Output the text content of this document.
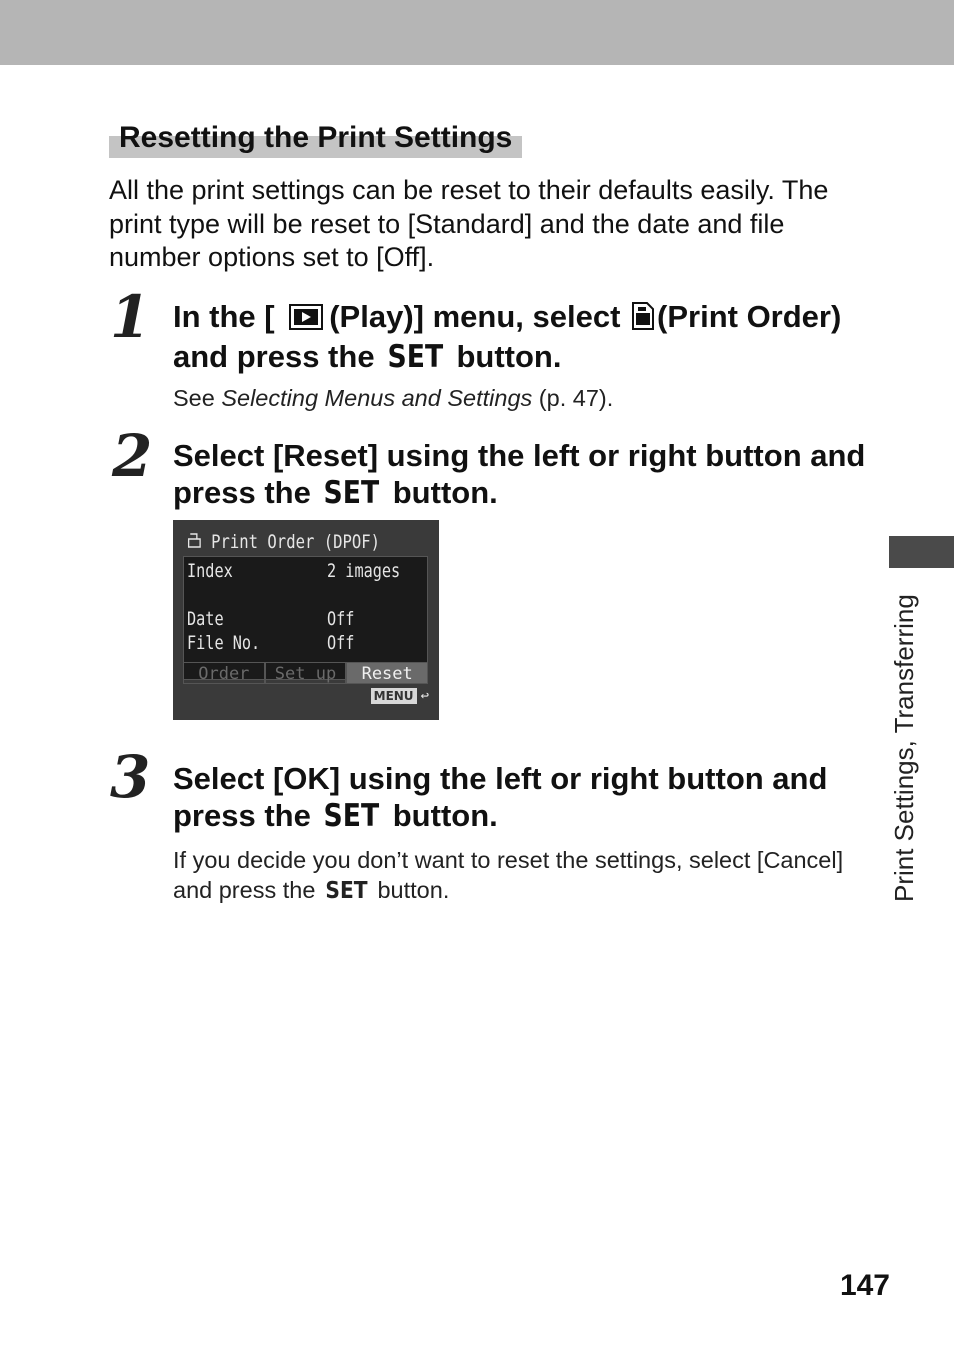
Resetting the Print Settings
All the print settings can be reset to their defaults easily. The print type will be reset to [Standard] and the date and file number options set to [Off].
1 In the [ (Play)] menu, select (Print Order) and press the SET button.
See Selecting Menus and Settings (p. 47).
2 Select [Reset] using the left or right button and press the SET button.
Print Order (DPOF)
Index	2 images
Date	Off
File No.	Off
Order	Set up	Reset
MENU ↩
3 Select [OK] using the left or right button and press the SET button.
If you decide you don’t want to reset the settings, select [Cancel] and press the SET button.	Print Settings, Transferring
147
